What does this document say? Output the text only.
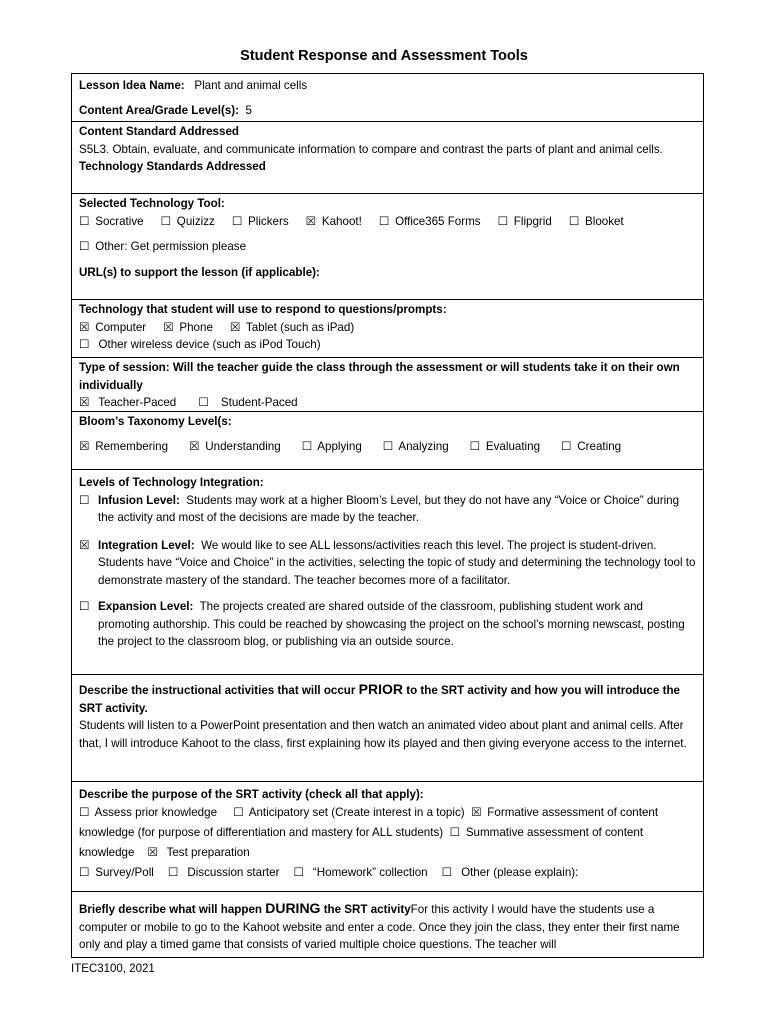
Student Response and Assessment Tools
Lesson Idea Name: Plant and animal cells
Content Area/Grade Level(s): 5
Content Standard Addressed
S5L3. Obtain, evaluate, and communicate information to compare and contrast the parts of plant and animal cells.
Technology Standards Addressed
Selected Technology Tool:
☐ Socrative ☐ Quizizz ☐ Plickers ☒ Kahoot! ☐ Office365 Forms ☐ Flipgrid ☐ Blooket
☐ Other: Get permission please
URL(s) to support the lesson (if applicable):
Technology that student will use to respond to questions/prompts:
☒ Computer ☒ Phone ☒ Tablet (such as iPad)
☐ Other wireless device (such as iPod Touch)
Type of session: Will the teacher guide the class through the assessment or will students take it on their own individually
☒ Teacher-Paced ☐ Student-Paced
Bloom’s Taxonomy Level(s:
☒ Remembering ☒ Understanding ☐ Applying ☐ Analyzing ☐ Evaluating ☐ Creating
Levels of Technology Integration:
☐ Infusion Level: Students may work at a higher Bloom’s Level, but they do not have any “Voice or Choice” during the activity and most of the decisions are made by the teacher.
☒ Integration Level: We would like to see ALL lessons/activities reach this level. The project is student-driven. Students have “Voice and Choice” in the activities, selecting the topic of study and determining the technology tool to demonstrate mastery of the standard. The teacher becomes more of a facilitator.
☐ Expansion Level: The projects created are shared outside of the classroom, publishing student work and promoting authorship. This could be reached by showcasing the project on the school’s morning newscast, posting the project to the classroom blog, or publishing via an outside source.
Describe the instructional activities that will occur PRIOR to the SRT activity and how you will introduce the SRT activity.
Students will listen to a PowerPoint presentation and then watch an animated video about plant and animal cells. After that, I will introduce Kahoot to the class, first explaining how its played and then giving everyone access to the internet.
Describe the purpose of the SRT activity (check all that apply):
☐ Assess prior knowledge ☐ Anticipatory set (Create interest in a topic) ☒ Formative assessment of content knowledge (for purpose of differentiation and mastery for ALL students) ☐ Summative assessment of content knowledge ☒ Test preparation
☐ Survey/Poll ☐ Discussion starter ☐ “Homework” collection ☐ Other (please explain):
Briefly describe what will happen DURING the SRT activityFor this activity I would have the students use a computer or mobile to go to the Kahoot website and enter a code. Once they join the class, they enter their first name only and play a timed game that consists of varied multiple choice questions. The teacher will
ITEC3100, 2021
